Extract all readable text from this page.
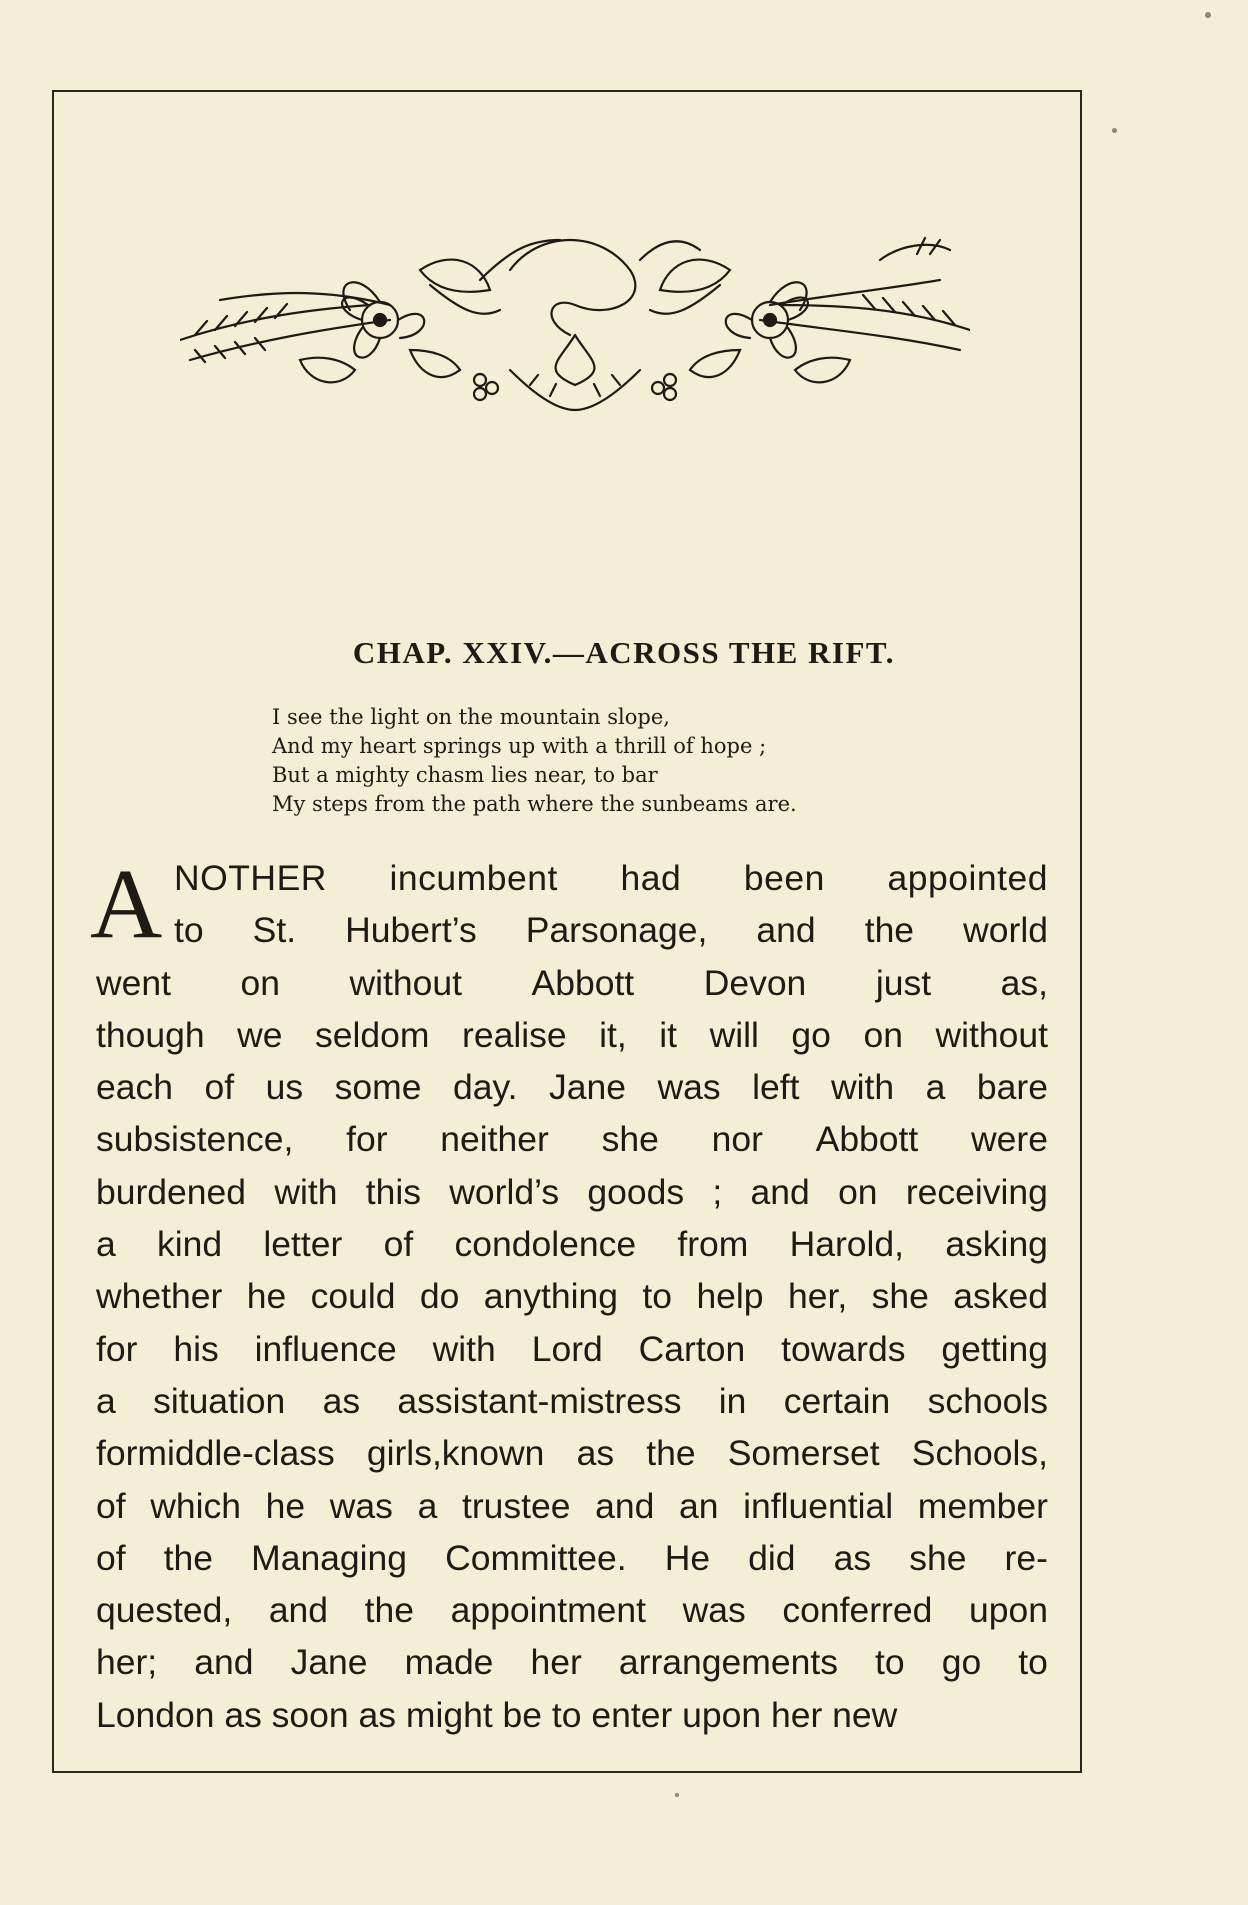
CHAP. XXIV.—ACROSS THE RIFT.
I see the light on the mountain slope,
And my heart springs up with a thrill of hope ;
But a mighty chasm lies near, to bar
My steps from the path where the sunbeams are.
A NOTHER incumbent had been appointed
to St. Hubert’s Parsonage, and the world
went on without Abbott Devon just as,
though we seldom realise it, it will go on without
each of us some day. Jane was left with a bare
subsistence, for neither she nor Abbott were
burdened with this world’s goods ; and on receiving
a kind letter of condolence from Harold, asking
whether he could do anything to help her, she asked
for his influence with Lord Carton towards getting
a situation as assistant-mistress in certain schools
formiddle-class girls,known as the Somerset Schools,
of which he was a trustee and an influential member
of the Managing Committee. He did as she re-
quested, and the appointment was conferred upon
her; and Jane made her arrangements to go to
London as soon as might be to enter upon her new
